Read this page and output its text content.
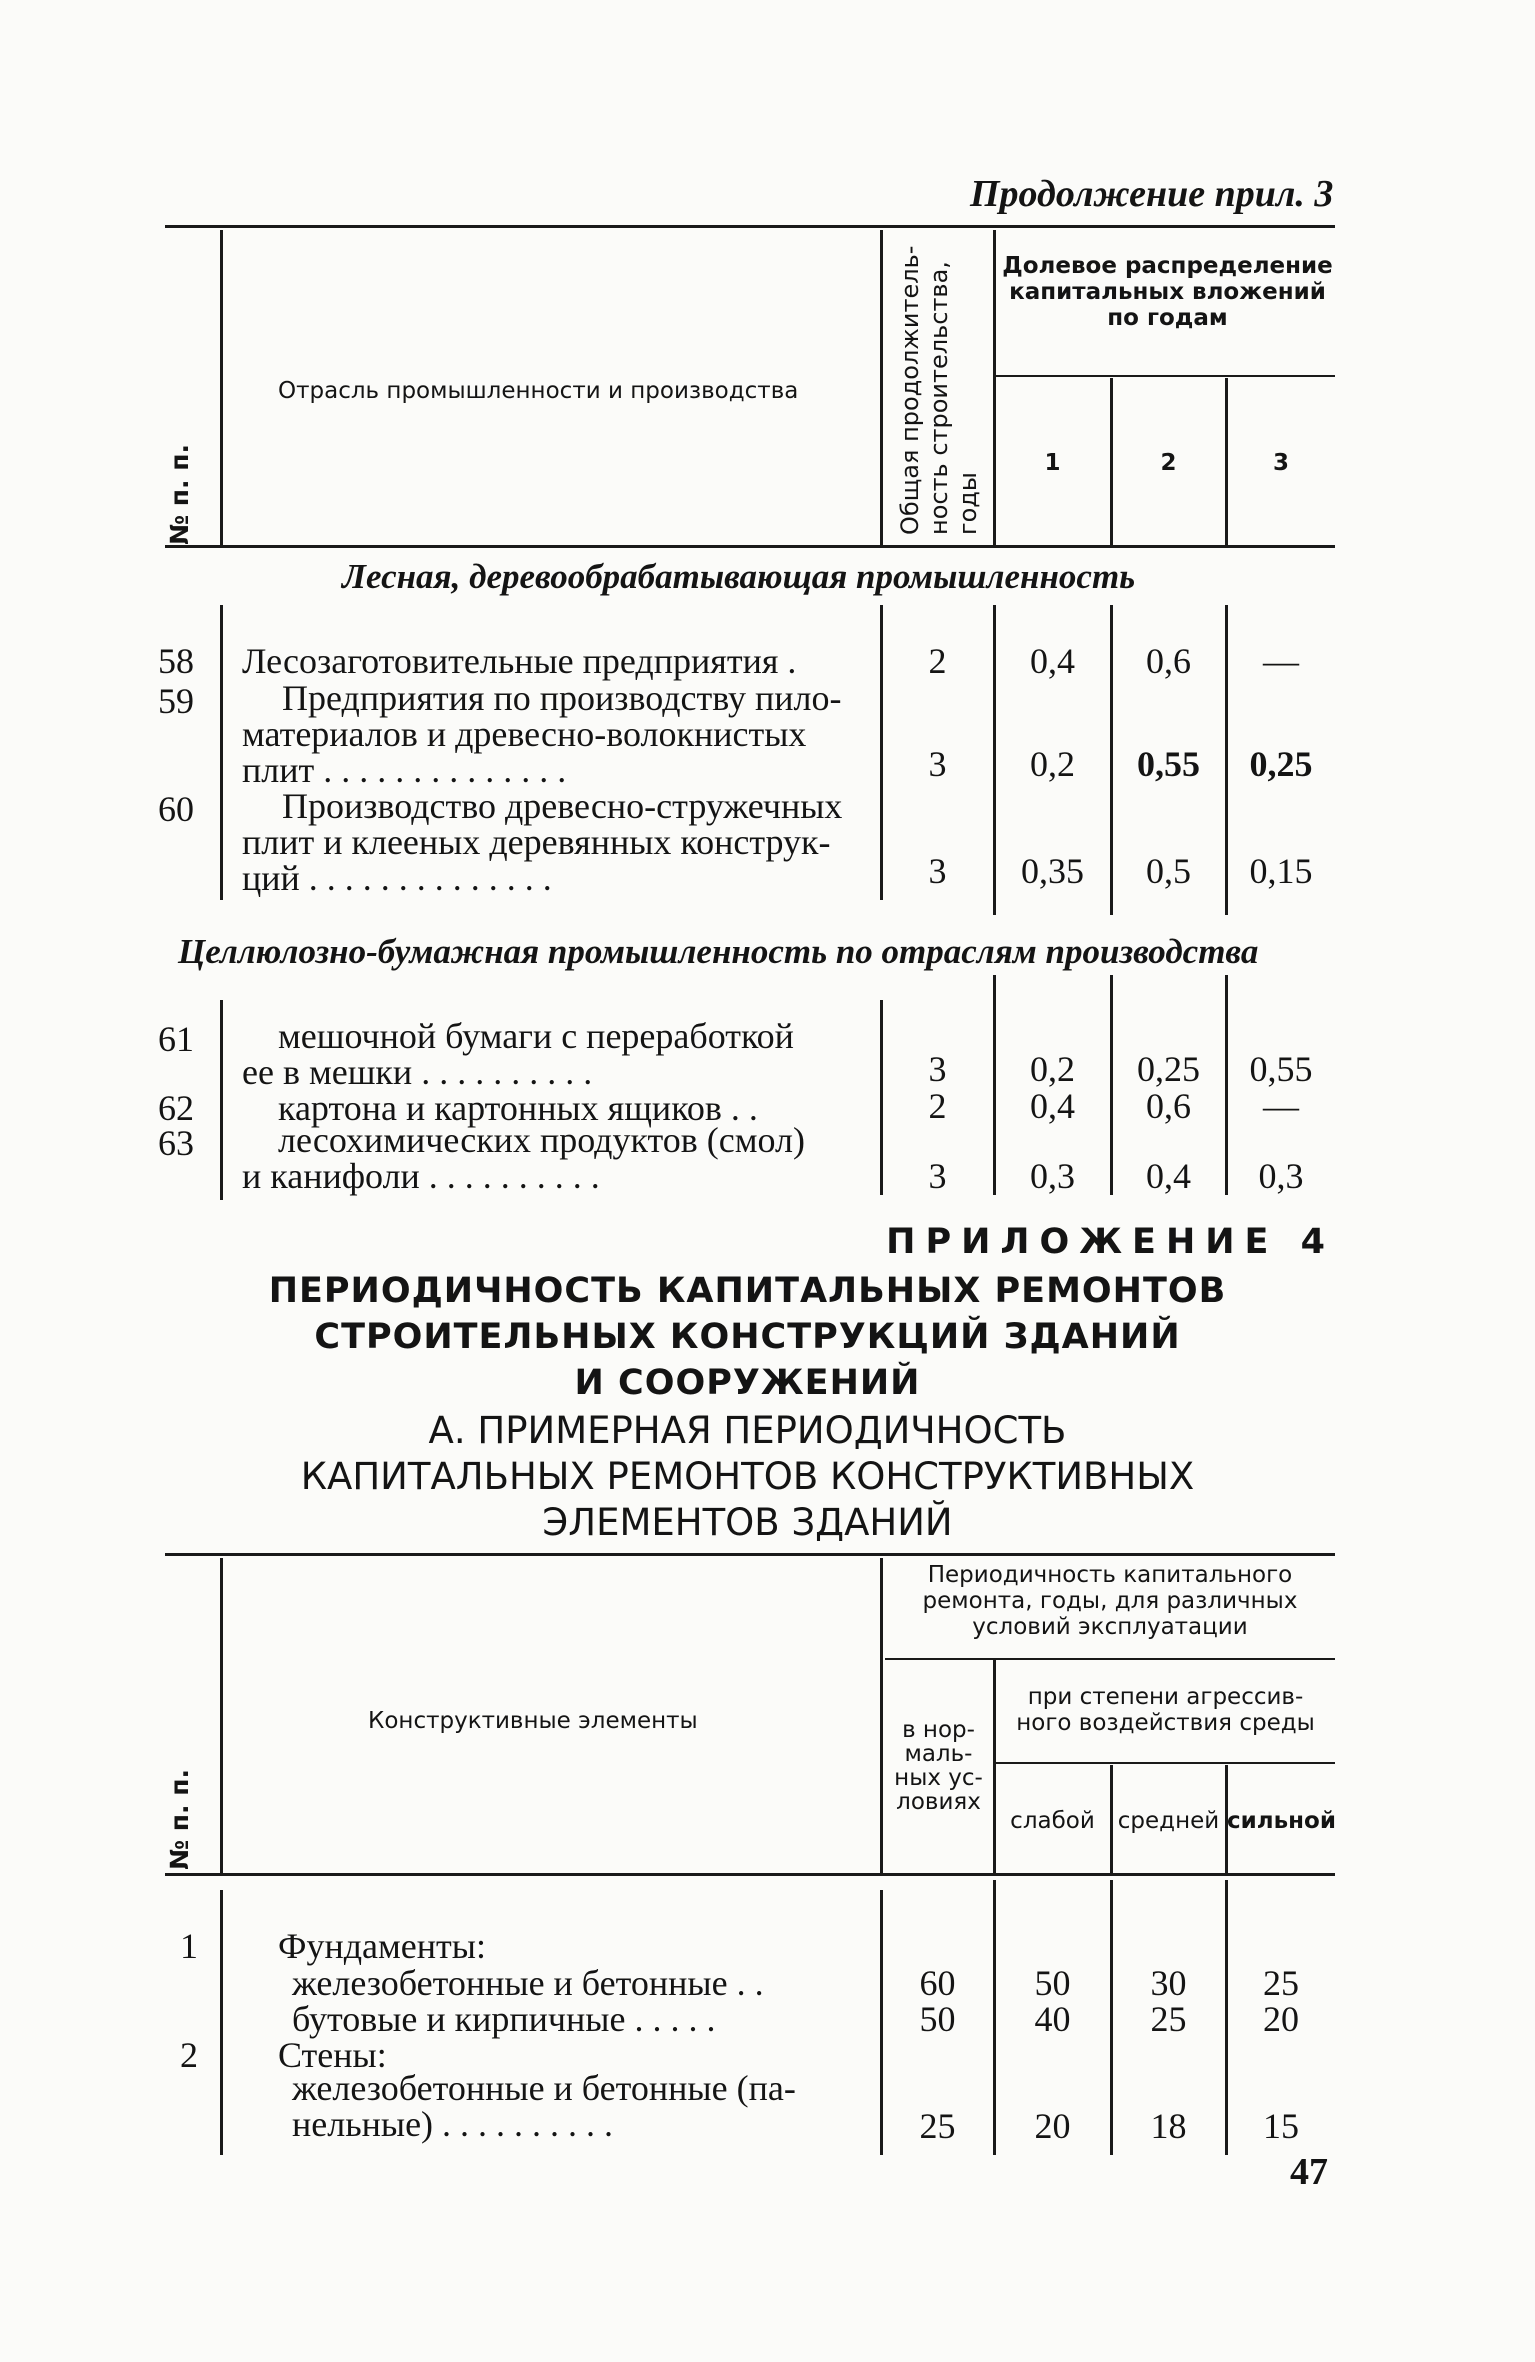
Продолжение прил. 3
№ п. п.
Отрасль промышленности и производства	Общая продолжитель- ность строительства, годы
Долевое распределение
капитальных вложений
по годам
1	2	3
Лесная, деревообрабатывающая промышленность
58 Лесозаготовительные предприятия .	2	0,4	0,6	—
59	Предприятия по производству пило-
материалов и древесно-волокнистых
плит . . . . . . . . . . . . . .	3	0,2	0,55	0,25
60	Производство древесно-стружечных
плит и клееных деревянных конструк-
ций . . . . . . . . . . . . . .	3	0,35	0,5	0,15
Целлюлозно-бумажная промышленность по отраслям производства
61	мешочной бумаги с переработкой
ее в мешки . . . . . . . . . .	3	0,2	0,25	0,55
62 картона и картонных ящиков . .	2	0,4	0,6	—
63	лесохимических продуктов (смол)
и канифоли . . . . . . . . . .	3	0,3	0,4	0,3
ПРИЛОЖЕНИЕ 4
ПЕРИОДИЧНОСТЬ КАПИТАЛЬНЫХ РЕМОНТОВ
СТРОИТЕЛЬНЫХ КОНСТРУКЦИЙ ЗДАНИЙ
И СООРУЖЕНИЙ
А. ПРИМЕРНАЯ ПЕРИОДИЧНОСТЬ
КАПИТАЛЬНЫХ РЕМОНТОВ КОНСТРУКТИВНЫХ
ЭЛЕМЕНТОВ ЗДАНИЙ
№ п. п.
Конструктивные элементы
Периодичность капитального
ремонта, годы, для различных
условий эксплуатации
в нор-
маль-
ных ус-
ловиях
при степени агрессив-
ного воздействия среды
слабой средней сильной
1 Фундаменты:
железобетонные и бетонные . .	60	50	30	25
бутовые и кирпичные . . . . .	50	40	25	20
2 Стены:
железобетонные и бетонные (па-
нельные) . . . . . . . . . .	25	20	18	15
47
